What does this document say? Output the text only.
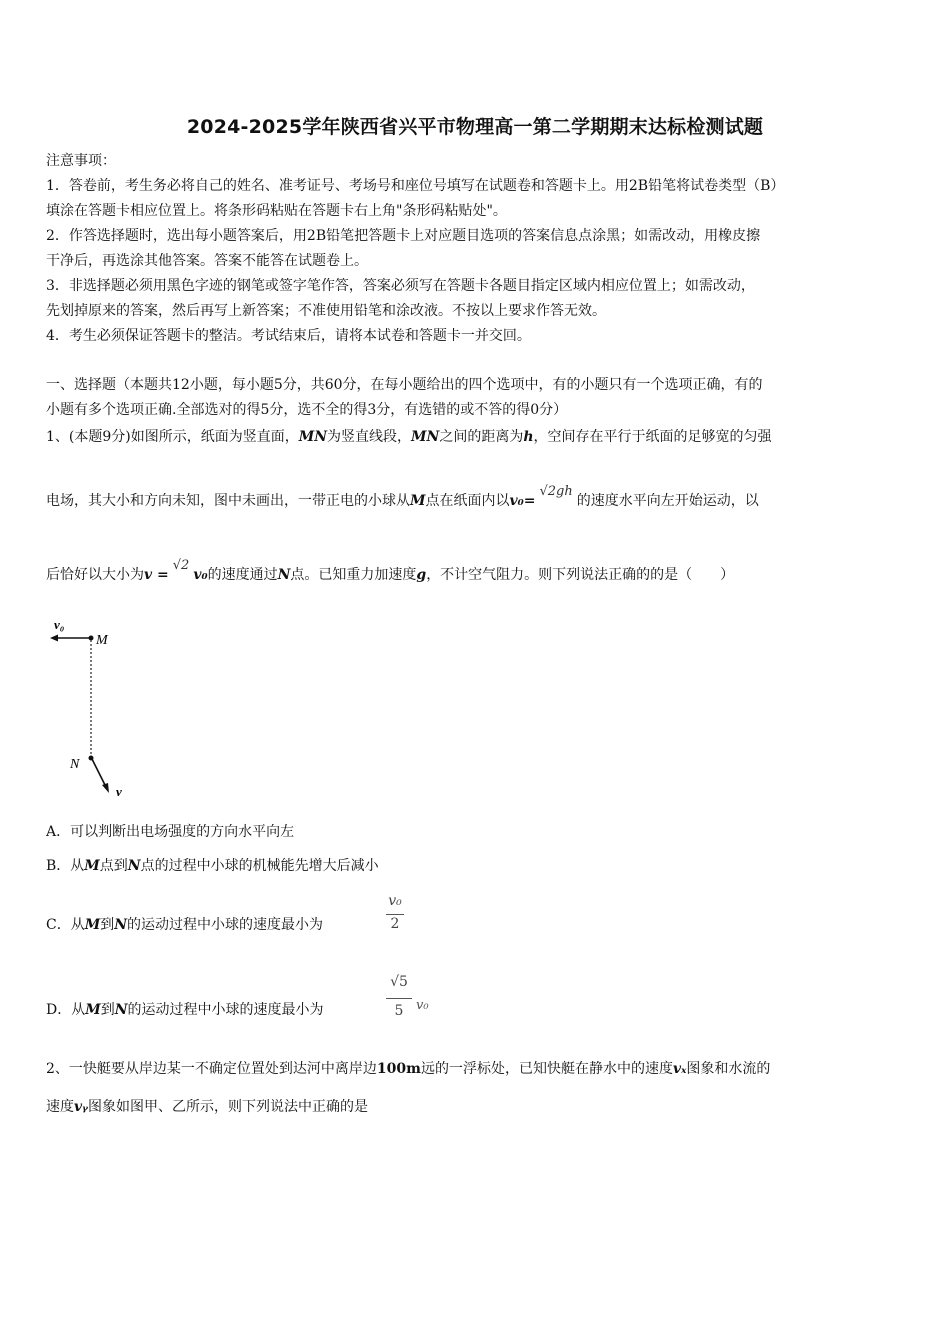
2024-2025学年陕西省兴平市物理高一第二学期期末达标检测试题
注意事项：
1．答卷前，考生务必将自己的姓名、准考证号、考场号和座位号填写在试题卷和答题卡上。用2B铅笔将试卷类型（B）
填涂在答题卡相应位置上。将条形码粘贴在答题卡右上角"条形码粘贴处"。
2．作答选择题时，选出每小题答案后，用2B铅笔把答题卡上对应题目选项的答案信息点涂黑；如需改动，用橡皮擦
干净后，再选涂其他答案。答案不能答在试题卷上。
3．非选择题必须用黑色字迹的钢笔或签字笔作答，答案必须写在答题卡各题目指定区域内相应位置上；如需改动，
先划掉原来的答案，然后再写上新答案；不准使用铅笔和涂改液。不按以上要求作答无效。
4．考生必须保证答题卡的整洁。考试结束后，请将本试卷和答题卡一并交回。
一、选择题（本题共12小题，每小题5分，共60分，在每小题给出的四个选项中，有的小题只有一个选项正确，有的
小题有多个选项正确.全部选对的得5分，选不全的得3分，有选错的或不答的得0分）
1、(本题9分)如图所示，纸面为竖直面，MN为竖直线段，MN之间的距离为h，空间存在平行于纸面的足够宽的匀强
电场，其大小和方向未知，图中未画出，一带正电的小球从M点在纸面内以v₀=√2gh的速度水平向左开始运动，以
后恰好以大小为v =√2v₀的速度通过N点。已知重力加速度g，不计空气阻力。则下列说法正确的的是（　　）
v₀
M
N
v
A．可以判断出电场强度的方向水平向左
B．从M点到N点的过程中小球的机械能先增大后减小
C．从M到N的运动过程中小球的速度最小为
v₀
2
D．从M到N的运动过程中小球的速度最小为
√5
5 v₀
2、一快艇要从岸边某一不确定位置处到达河中离岸边100m远的一浮标处，已知快艇在静水中的速度vₓ图象和水流的
速度vᵧ图象如图甲、乙所示，则下列说法中正确的是
